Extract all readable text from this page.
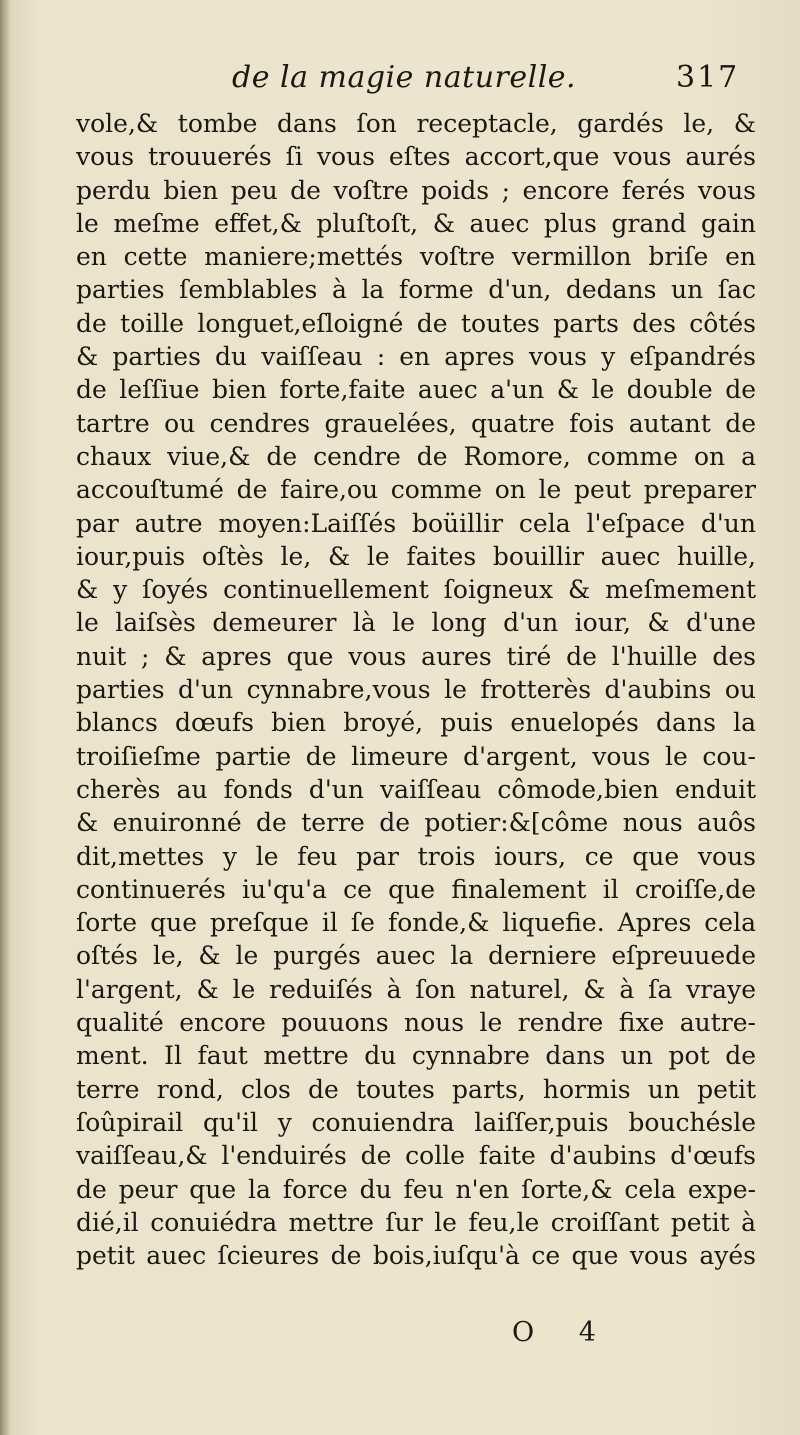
de la magie naturelle.	317
vole,& tombe dans ſon receptacle, gardés le, &
vous trouuerés ſi vous eſtes accort,que vous aurés
perdu bien peu de voſtre poids ; encore ferés vous
le meſme effet,& pluſtoſt, & auec plus grand gain
en cette maniere;mettés voſtre vermillon briſe en
parties ſemblables à la forme d'un, dedans un ſac
de toille longuet,eſloigné de toutes parts des côtés
& parties du vaiſſeau : en apres vous y eſpandrés
de leſſiue bien forte,faite auec a'un & le double de
tartre ou cendres grauelées, quatre fois autant de
chaux viue,& de cendre de Romore, comme on a
accouſtumé de faire,ou comme on le peut preparer
par autre moyen:Laiſſés boüillir cela l'eſpace d'un
iour,puis oſtès le, & le faites bouillir auec huille,
& y ſoyés continuellement ſoigneux & meſmement
le laiſsès demeurer là le long d'un iour, & d'une
nuit ; & apres que vous aures tiré de l'huille des
parties d'un cynnabre,vous le frotterès d'aubins ou
blancs dœufs bien broyé, puis enuelopés dans la
troiſieſme partie de limeure d'argent, vous le cou-
cherès au fonds d'un vaiſſeau cômode,bien enduit
& enuironné de terre de potier:&[côme nous auôs
dit,mettes y le feu par trois iours, ce que vous
continuerés iu'qu'a ce que finalement il croiſſe,de
ſorte que preſque il ſe fonde,& liquefie. Apres cela
oſtés le, & le purgés auec la derniere eſpreuuede
l'argent, & le reduiſés à ſon naturel, & à ſa vraye
qualité encore pouuons nous le rendre fixe autre-
ment. Il faut mettre du cynnabre dans un pot de
terre rond, clos de toutes parts, hormis un petit
ſoûpirail qu'il y conuiendra laiſſer,puis bouchésle
vaiſſeau,& l'enduirés de colle faite d'aubins d'œufs
de peur que la force du feu n'en ſorte,& cela expe-
dié,il conuiédra mettre ſur le feu,le croiſſant petit à
petit auec ſcieures de bois,iuſqu'à ce que vous ayés
O 4
